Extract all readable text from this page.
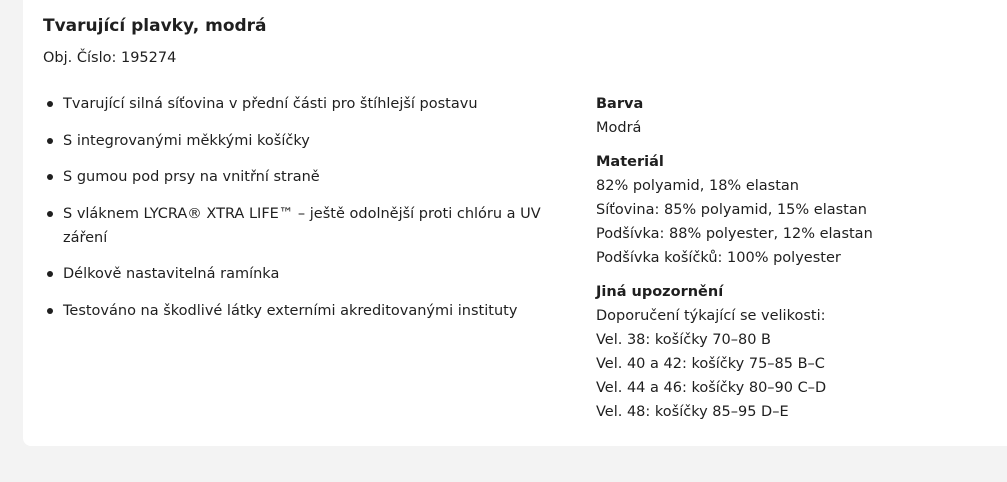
Tvarující plavky, modrá
Obj. Číslo: 195274
Tvarující silná síťovina v přední části pro štíhlejší postavu
S integrovanými měkkými košíčky
S gumou pod prsy na vnitřní straně
S vláknem LYCRA® XTRA LIFE™ – ještě odolnější proti chlóru a UV záření
Délkově nastavitelná ramínka
Testováno na škodlivé látky externími akreditovanými instituty
Barva
Modrá
Materiál
82% polyamid, 18% elastan
Síťovina: 85% polyamid, 15% elastan
Podšívka: 88% polyester, 12% elastan
Podšívka košíčků: 100% polyester
Jiná upozornění
Doporučení týkající se velikosti:
Vel. 38: košíčky 70–80 B
Vel. 40 a 42: košíčky 75–85 B–C
Vel. 44 a 46: košíčky 80–90 C–D
Vel. 48: košíčky 85–95 D–E
